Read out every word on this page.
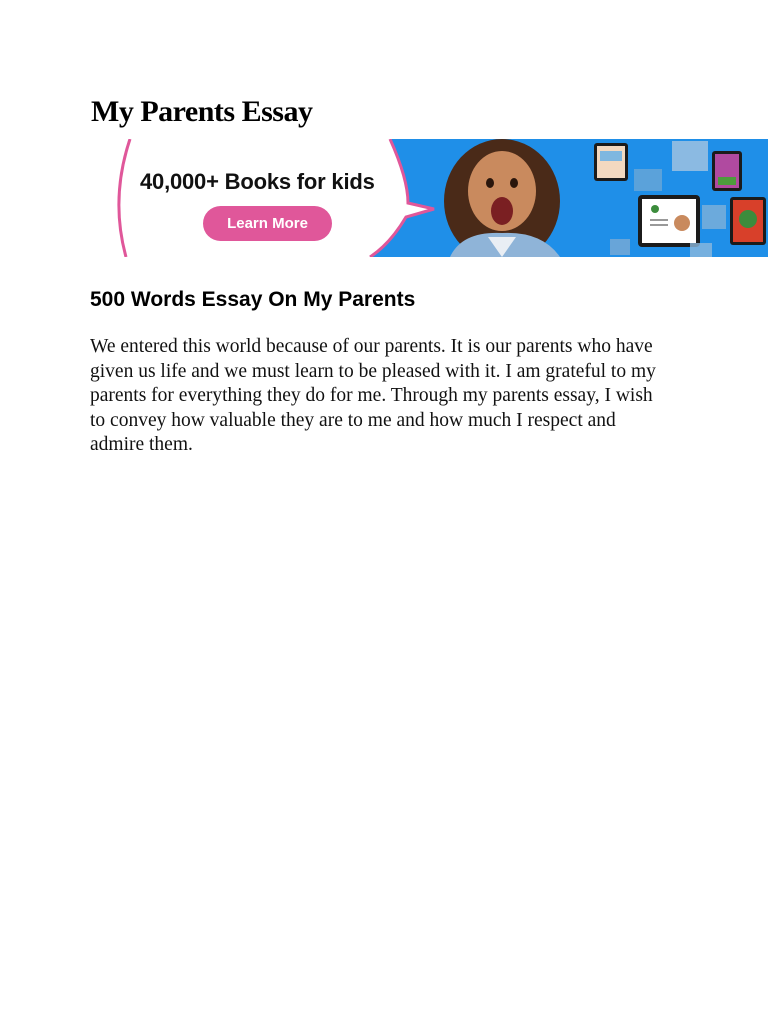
My Parents Essay
40,000+ Books for kids
Learn More
500 Words Essay On My Parents

We entered this world because of our parents. It is our parents who have
given us life and we must learn to be pleased with it. I am grateful to my
parents for everything they do for me. Through my parents essay, I wish
to convey how valuable they are to me and how much I respect and
admire them.
